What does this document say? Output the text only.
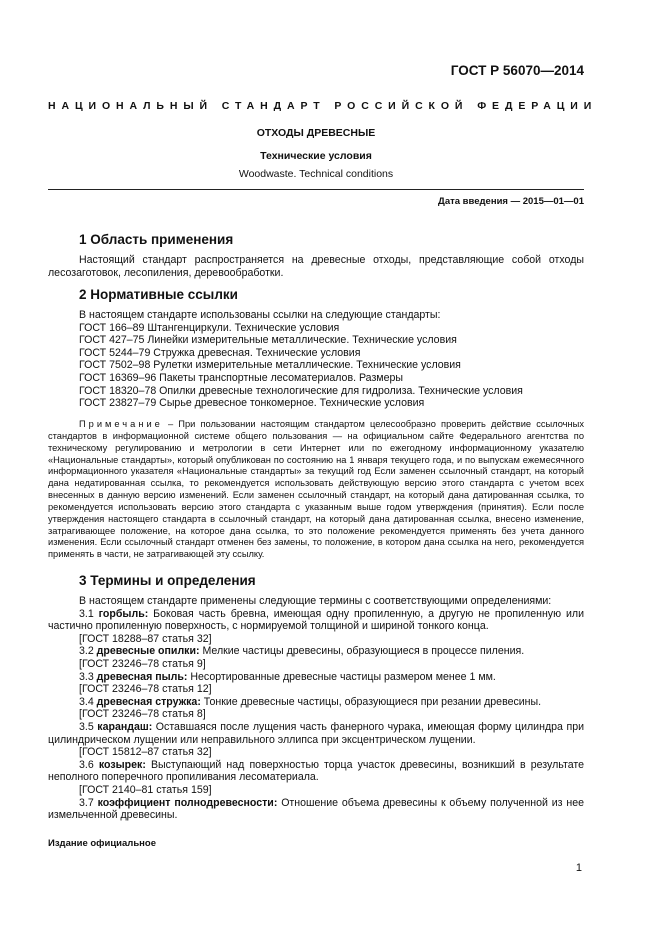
ГОСТ Р 56070—2014
НАЦИОНАЛЬНЫЙ СТАНДАРТ РОССИЙСКОЙ ФЕДЕРАЦИИ
ОТХОДЫ ДРЕВЕСНЫЕ
Технические условия
Woodwaste. Technical conditions
Дата введения — 2015—01—01
1 Область применения
Настоящий стандарт распространяется на древесные отходы, представляющие собой отходы лесозаготовок, лесопиления, деревообработки.
2 Нормативные ссылки
В настоящем стандарте использованы ссылки на следующие стандарты:
ГОСТ 166–89 Штангенциркули. Технические условия
ГОСТ 427–75 Линейки измерительные металлические. Технические условия
ГОСТ 5244–79 Стружка древесная. Технические условия
ГОСТ 7502–98 Рулетки измерительные металлические. Технические условия
ГОСТ 16369–96 Пакеты транспортные лесоматериалов. Размеры
ГОСТ 18320–78 Опилки древесные технологические для гидролиза. Технические условия
ГОСТ 23827–79 Сырье древесное тонкомерное. Технические условия
Примечание – При пользовании настоящим стандартом целесообразно проверить действие ссылочных стандартов в информационной системе общего пользования — на официальном сайте Федерального агентства по техническому регулированию и метрологии в сети Интернет или по ежегодному информационному указателю «Национальные стандарты», который опубликован по состоянию на 1 января текущего года, и по выпускам ежемесячного информационного указателя «Национальные стандарты» за текущий год Если заменен ссылочный стандарт, на который дана недатированная ссылка, то рекомендуется использовать действующую версию этого стандарта с учетом всех внесенных в данную версию изменений. Если заменен ссылочный стандарт, на который дана датированная ссылка, то рекомендуется использовать версию этого стандарта с указанным выше годом утверждения (принятия). Если после утверждения настоящего стандарта в ссылочный стандарт, на который дана датированная ссылка, внесено изменение, затрагивающее положение, на которое дана ссылка, то это положение рекомендуется применять без учета данного изменения. Если ссылочный стандарт отменен без замены, то положение, в котором дана ссылка на него, рекомендуется применять в части, не затрагивающей эту ссылку.
3 Термины и определения
В настоящем стандарте применены следующие термины с соответствующими определениями:
3.1 горбыль: Боковая часть бревна, имеющая одну пропиленную, а другую не пропиленную или частично пропиленную поверхность, с нормируемой толщиной и шириной тонкого конца.
[ГОСТ 18288–87 статья 32]
3.2 древесные опилки: Мелкие частицы древесины, образующиеся в процессе пиления.
[ГОСТ 23246–78 статья 9]
3.3 древесная пыль: Несортированные древесные частицы размером менее 1 мм.
[ГОСТ 23246–78 статья 12]
3.4 древесная стружка: Тонкие древесные частицы, образующиеся при резании древесины.
[ГОСТ 23246–78 статья 8]
3.5 карандаш: Оставшаяся после лущения часть фанерного чурака, имеющая форму цилиндра при цилиндрическом лущении или неправильного эллипса при эксцентрическом лущении.
[ГОСТ 15812–87 статья 32]
3.6 козырек: Выступающий над поверхностью торца участок древесины, возникший в результате неполного поперечного пропиливания лесоматериала.
[ГОСТ 2140–81 статья 159]
3.7 коэффициент полнодревесности: Отношение объема древесины к объему полученной из нее измельченной древесины.
Издание официальное
1
